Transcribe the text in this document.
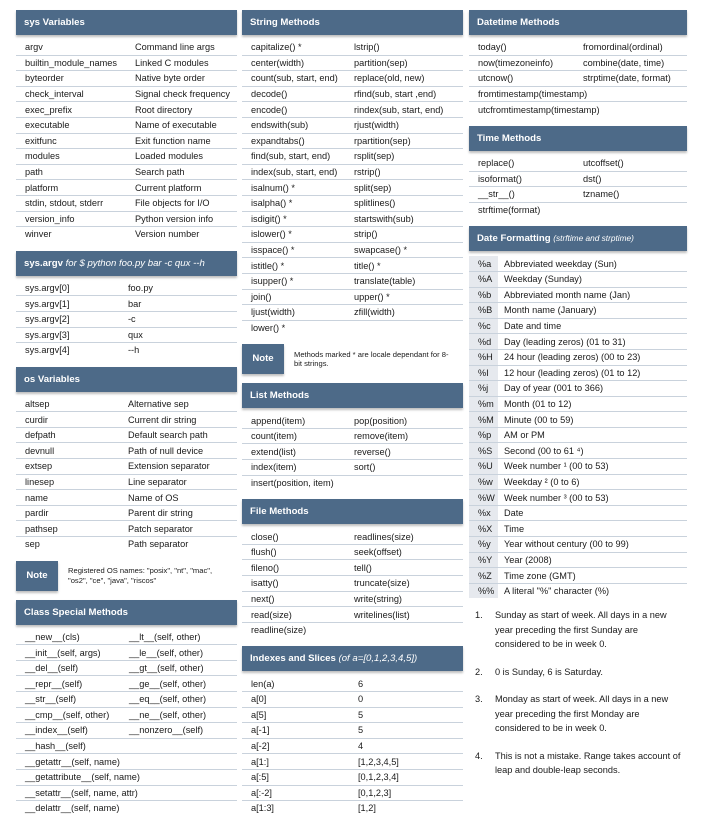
sys Variables
argv	Command line args
builtin_module_names	Linked C modules
byteorder	Native byte order
check_interval	Signal check frequency
exec_prefix	Root directory
executable	Name of executable
exitfunc	Exit function name
modules	Loaded modules
path	Search path
platform	Current platform
stdin, stdout, stderr	File objects for I/O
version_info	Python version info
winver	Version number
sys.argv for $ python foo.py bar -c qux --h
sys.argv[0]	foo.py
sys.argv[1]	bar
sys.argv[2]	-c
sys.argv[3]	qux
sys.argv[4]	--h
os Variables
altsep	Alternative sep
curdir	Current dir string
defpath	Default search path
devnull	Path of null device
extsep	Extension separator
linesep	Line separator
name	Name of OS
pardir	Parent dir string
pathsep	Patch separator
sep	Path separator
Note	Registered OS names: "posix", "nt", "mac", "os2", "ce", "java", "riscos"
Class Special Methods
__new__(cls)	__lt__(self, other)
__init__(self, args)	__le__(self, other)
__del__(self)	__gt__(self, other)
__repr__(self)	__ge__(self, other)
__str__(self)	__eq__(self, other)
__cmp__(self, other)	__ne__(self, other)
__index__(self)	__nonzero__(self)
__hash__(self)	
__getattr__(self, name)	
__getattribute__(self, name)	
__setattr__(self, name, attr)	
__delattr__(self, name)	
String Methods
capitalize() *	lstrip()
center(width)	partition(sep)
count(sub, start, end)	replace(old, new)
decode()	rfind(sub, start ,end)
encode()	rindex(sub, start, end)
endswith(sub)	rjust(width)
expandtabs()	rpartition(sep)
find(sub, start, end)	rsplit(sep)
index(sub, start, end)	rstrip()
isalnum() *	split(sep)
isalpha() *	splitlines()
isdigit() *	startswith(sub)
islower() *	strip()
isspace() *	swapcase() *
istitle() *	title() *
isupper() *	translate(table)
join()	upper() *
ljust(width)	zfill(width)
lower() *	
Note	Methods marked * are locale dependant for 8-bit strings.
List Methods
append(item)	pop(position)
count(item)	remove(item)
extend(list)	reverse()
index(item)	sort()
insert(position, item)	
File Methods
close()	readlines(size)
flush()	seek(offset)
fileno()	tell()
isatty()	truncate(size)
next()	write(string)
read(size)	writelines(list)
readline(size)	
Indexes and Slices (of a=[0,1,2,3,4,5])
len(a)	6
a[0]	0
a[5]	5
a[-1]	5
a[-2]	4
a[1:]	[1,2,3,4,5]
a[:5]	[0,1,2,3,4]
a[:-2]	[0,1,2,3]
a[1:3]	[1,2]
Datetime Methods
today()	fromordinal(ordinal)
now(timezoneinfo)	combine(date, time)
utcnow()	strptime(date, format)
fromtimestamp(timestamp)	
utcfromtimestamp(timestamp)	
Time Methods
replace()	utcoffset()
isoformat()	dst()
__str__()	tzname()
strftime(format)	
Date Formatting (strftime and strptime)
%a	Abbreviated weekday (Sun)
%A	Weekday (Sunday)
%b	Abbreviated month name (Jan)
%B	Month name (January)
%c	Date and time
%d	Day (leading zeros) (01 to 31)
%H	24 hour (leading zeros) (00 to 23)
%I	12 hour (leading zeros) (01 to 12)
%j	Day of year (001 to 366)
%m	Month (01 to 12)
%M	Minute (00 to 59)
%p	AM or PM
%S	Second (00 to 61 ⁴)
%U	Week number ¹ (00 to 53)
%w	Weekday ² (0 to 6)
%W	Week number ³ (00 to 53)
%x	Date
%X	Time
%y	Year without century (00 to 99)
%Y	Year (2008)
%Z	Time zone (GMT)
%%	A literal "%" character (%)
1.	Sunday as start of week. All days in a new year preceding the first Sunday are considered to be in week 0.
2.	0 is Sunday, 6 is Saturday.
3.	Monday as start of week. All days in a new year preceding the first Monday are considered to be in week 0.
4.	This is not a mistake. Range takes account of leap and double-leap seconds.
